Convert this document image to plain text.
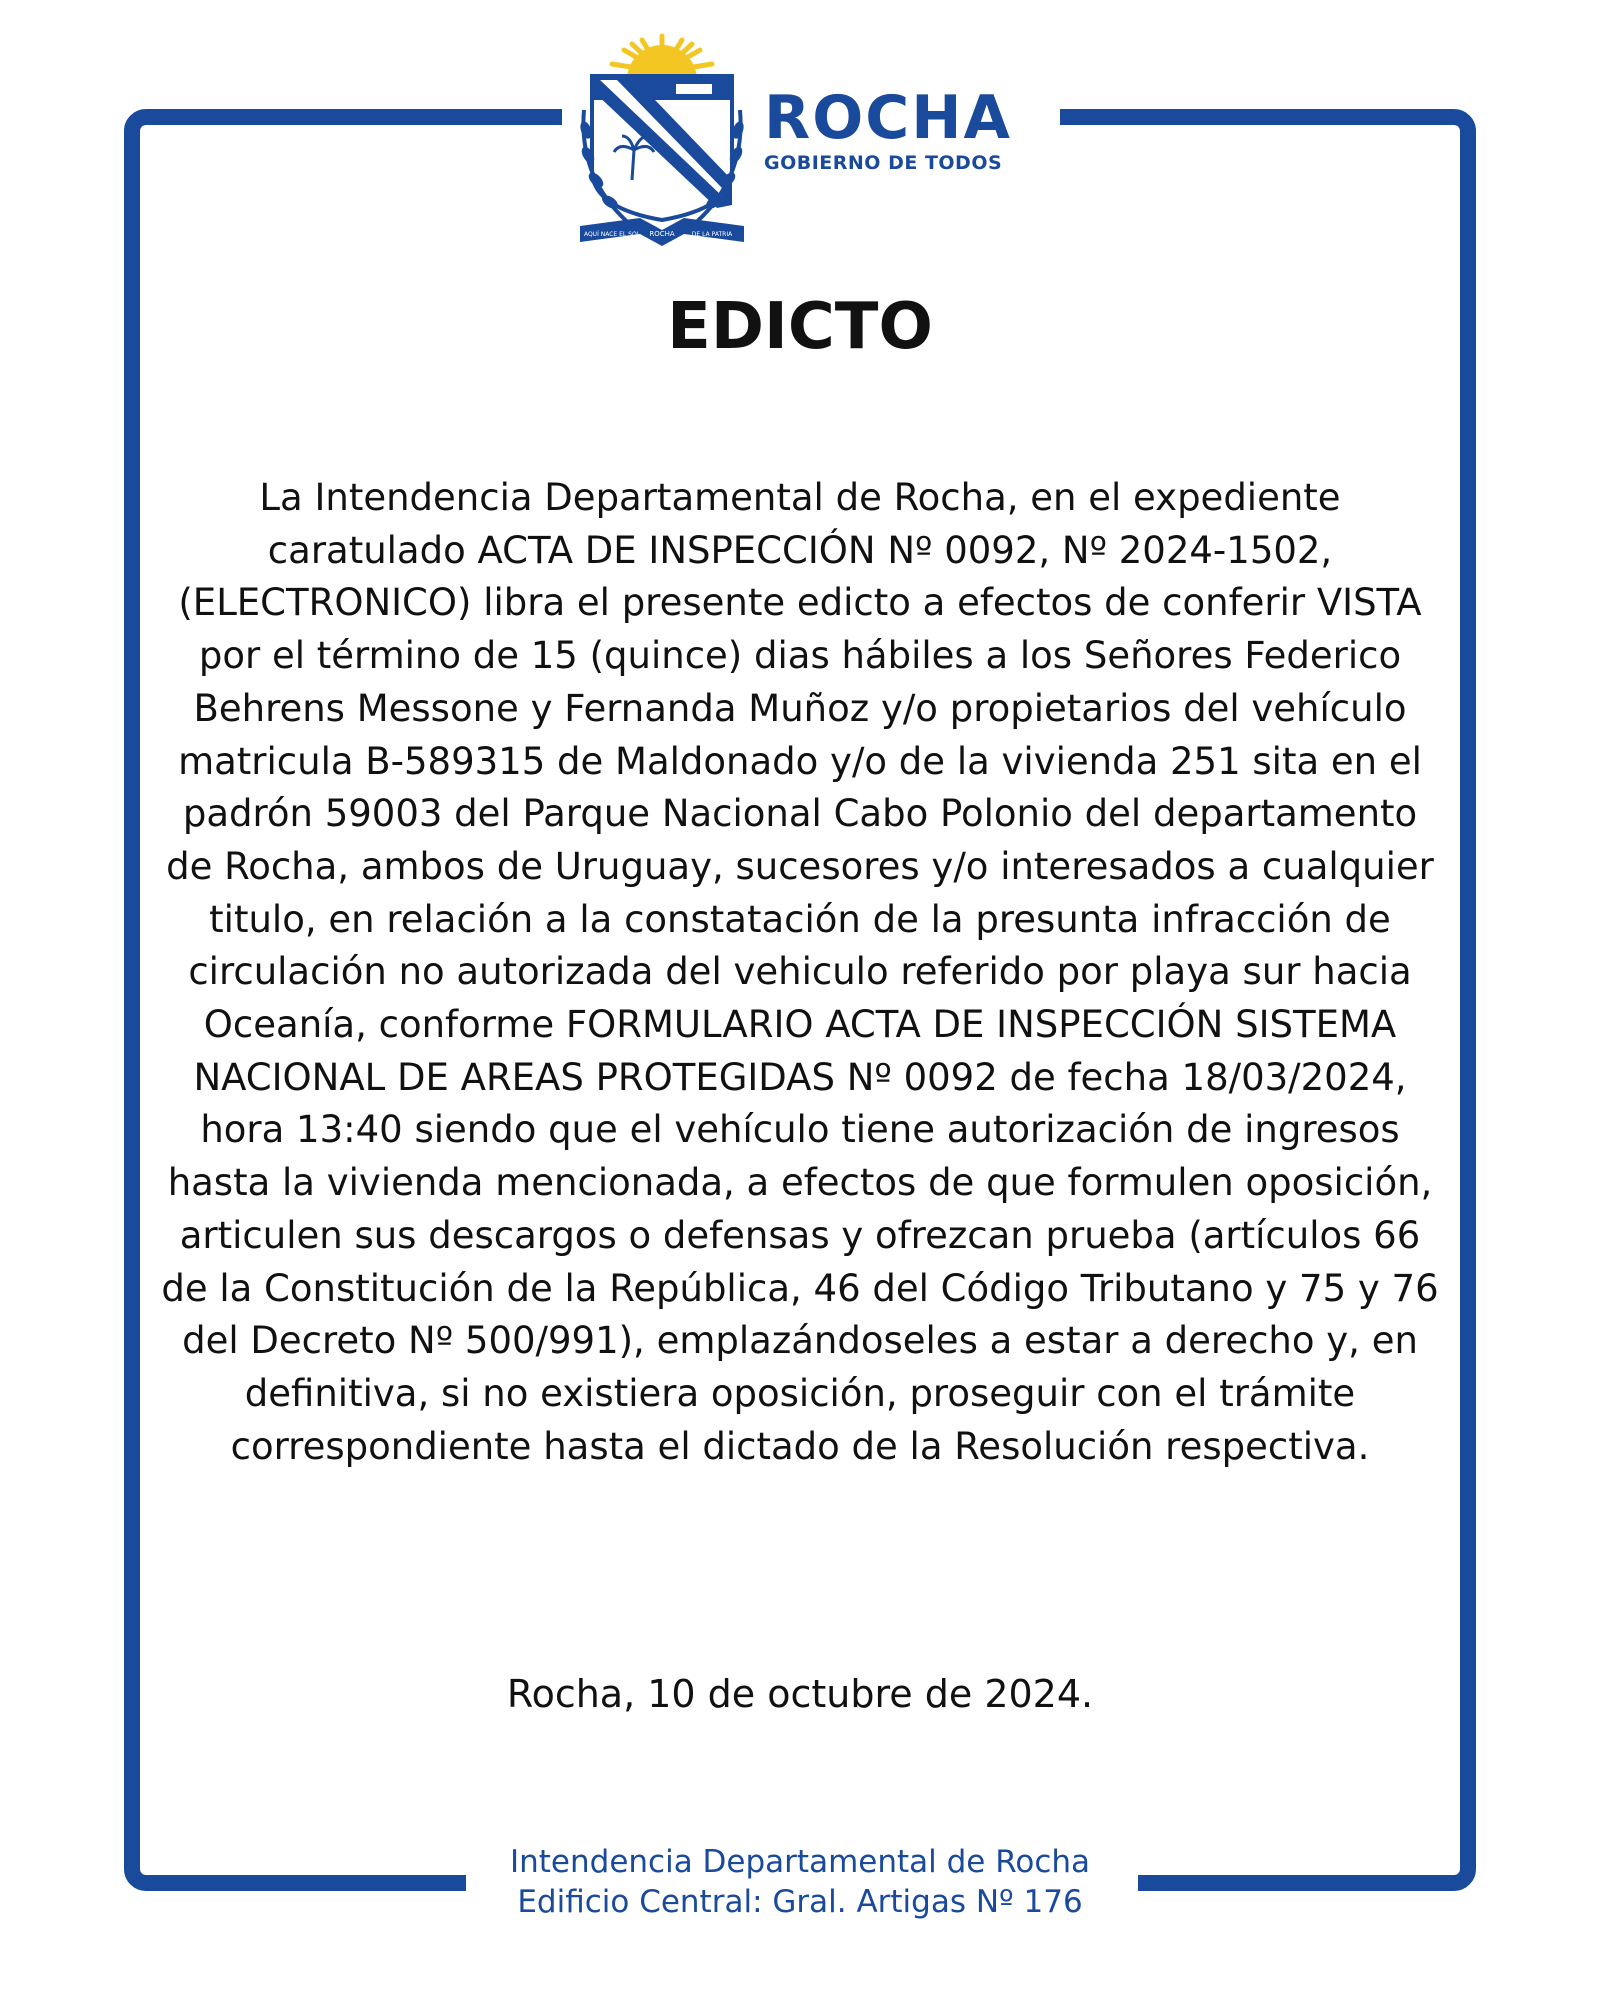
AQUÍ NACE EL SOL ROCHA	DE LA PATRIA
ROCHA
GOBIERNO DE TODOS
EDICTO

La Intendencia Departamental de Rocha, en el expediente caratulado ACTA DE INSPECCIÓN Nº 0092, Nº 2024-1502, (ELECTRONICO) libra el presente edicto a efectos de conferir VISTA por el término de 15 (quince) dias hábiles a los Señores Federico Behrens Messone y Fernanda Muñoz y/o propietarios del vehículo matricula B-589315 de Maldonado y/o de la vivienda 251 sita en el padrón 59003 del Parque Nacional Cabo Polonio del departamento de Rocha, ambos de Uruguay, sucesores y/o interesados a cualquier titulo, en relación a la constatación de la presunta infracción de circulación no autorizada del vehiculo referido por playa sur hacia Oceanía, conforme FORMULARIO ACTA DE INSPECCIÓN SISTEMA NACIONAL DE AREAS PROTEGIDAS Nº 0092 de fecha 18/03/2024, hora 13:40 siendo que el vehículo tiene autorización de ingresos hasta la vivienda mencionada, a efectos de que formulen oposición, articulen sus descargos o defensas y ofrezcan prueba (artículos 66 de la Constitución de la República, 46 del Código Tributano y 75 y 76 del Decreto Nº 500/991), emplazándoseles a estar a derecho y, en definitiva, si no existiera oposición, proseguir con el trámite correspondiente hasta el dictado de la Resolución respectiva.

Rocha, 10 de octubre de 2024.
Intendencia Departamental de Rocha
Edificio Central: Gral. Artigas Nº 176
